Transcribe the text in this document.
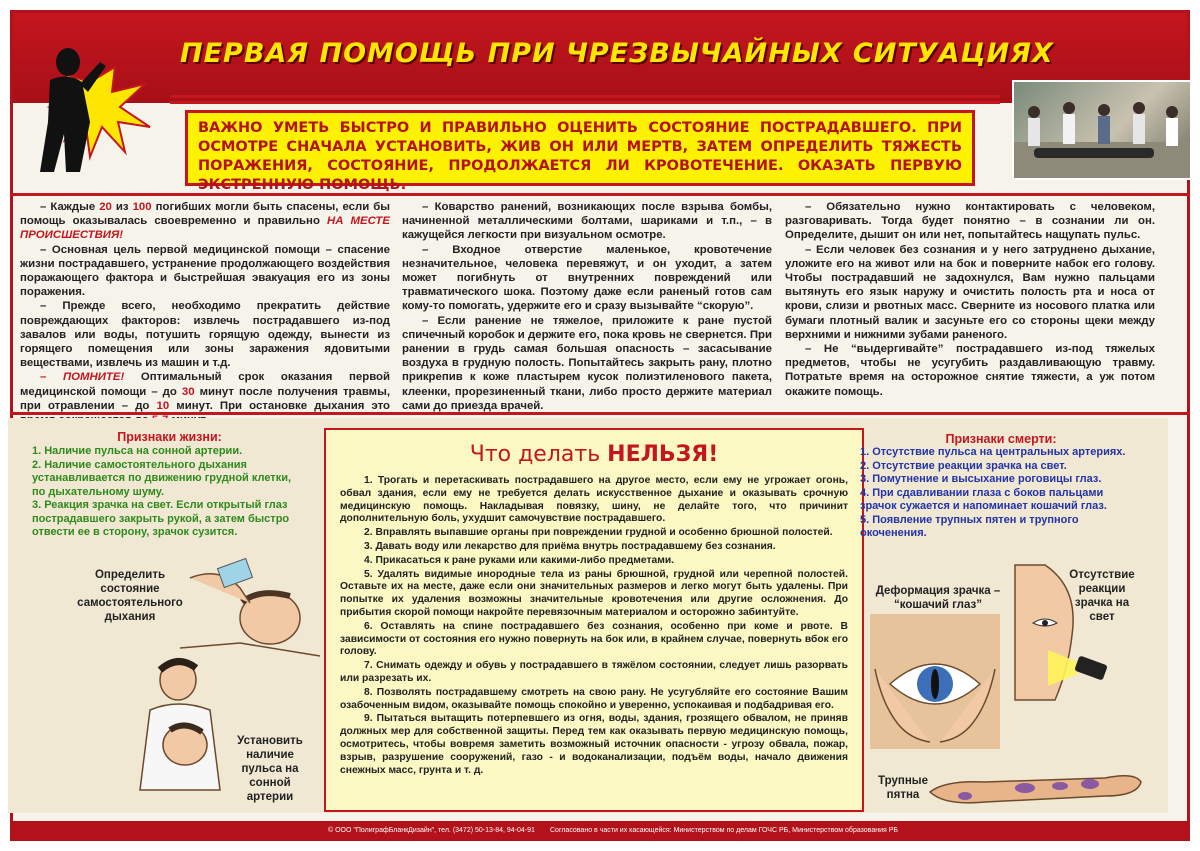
ПЕРВАЯ ПОМОЩЬ ПРИ ЧРЕЗВЫЧАЙНЫХ СИТУАЦИЯХ
ВАЖНО УМЕТЬ БЫСТРО И ПРАВИЛЬНО ОЦЕНИТЬ СОСТОЯНИЕ ПОСТРАДАВШЕГО. ПРИ ОСМОТРЕ СНАЧАЛА УСТАНОВИТЬ, ЖИВ ОН ИЛИ МЕРТВ, ЗАТЕМ ОПРЕДЕЛИТЬ ТЯЖЕСТЬ ПОРАЖЕНИЯ, СОСТОЯНИЕ, ПРОДОЛЖАЕТСЯ ЛИ КРОВОТЕЧЕНИЕ. ОКАЗАТЬ ПЕРВУЮ ЭКСТРЕННУЮ ПОМОЩЬ.

– Каждые 20 из 100 погибших могли быть спасены, если бы помощь оказывалась своевременно и правильно НА МЕСТЕ ПРОИСШЕСТВИЯ!

– Основная цель первой медицинской помощи – спасение жизни пострадавшего, устранение продолжающего воздействия поражающего фактора и быстрейшая эвакуация его из зоны поражения.

– Прежде всего, необходимо прекратить действие повреждающих факторов: извлечь пострадавшего из-под завалов или воды, потушить горящую одежду, вынести из горящего помещения или зоны заражения ядовитыми веществами, извлечь из машин и т.д.

– ПОМНИТЕ! Оптимальный срок оказания первой медицинской помощи – до 30 минут после получения травмы, при отравлении – до 10 минут. При остановке дыхания это

– Коварство ранений, возникающих после взрыва бомбы, начиненной металлическими болтами, шариками и т.п., – в кажущейся легкости при визуальном осмотре.

– Входное отверстие маленькое, кровотечение незначительное, человека перевяжут, и он уходит, а затем может погибнуть от внутренних повреждений или травматического шока. Поэтому даже если раненый готов сам кому-то помогать, удержите его и сразу вызывайте “скорую”.

– Если ранение не тяжелое, приложите к ране пустой спичечный коробок и держите его, пока кровь не свернется. При ранении в грудь самая большая опасность – засасывание воздуха в грудную полость. Попытайтесь закрыть рану, плотно прикрепив к коже пластырем кусок полиэтиленового пакета, клеенки, прорезиненный ткани, либо просто держите материал сами до приезда врачей.

– Обязательно нужно контактировать с человеком, разговаривать. Тогда будет понятно – в сознании ли он. Определите, дышит он или нет, попытайтесь нащупать пульс.

– Если человек без сознания и у него затруднено дыхание, уложите его на живот или на бок и поверните набок его голову. Чтобы пострадавший не задохнулся, Вам нужно пальцами вытянуть его язык наружу и очистить полость рта и носа от крови, слизи и рвотных масс. Сверните из носового платка или бумаги плотный валик и засуньте его со стороны щеки между верхними и нижними зубами раненого.

– Не “выдергивайте” пострадавшего из-под тяжелых предметов, чтобы не усугубить раздавливающую травму. Потратьте время на осторожное снятие тяжести, а уж потом окажите помощь.

Признаки жизни:
1. Наличие пульса на сонной артерии.
2. Наличие самостоятельного дыхания устанавливается по движению грудной клетки, по дыхательному шуму.
3. Реакция зрачка на свет. Если открытый глаз пострадавшего закрыть рукой, а затем быстро отвести ее в сторону, зрачок сузится.
Определить состояние самостоятельного дыхания
Установить наличие пульса на сонной артерии
Что делать НЕЛЬЗЯ!
1. Трогать и перетаскивать пострадавшего на другое место, если ему не угрожает огонь, обвал здания, если ему не требуется делать искусственное дыхание и оказывать срочную медицинскую помощь. Накладывая повязку, шину, не делайте того, что причинит дополнительную боль, ухудшит самочувствие пострадавшего.
2. Вправлять выпавшие органы при повреждении грудной и особенно брюшной полостей.
3. Давать воду или лекарство для приёма внутрь пострадавшему без сознания.
4. Прикасаться к ране руками или какими-либо предметами.
5. Удалять видимые инородные тела из раны брюшной, грудной или черепной полостей. Оставьте их на месте, даже если они значительных размеров и легко могут быть удалены. При попытке их удаления возможны значительные кровотечения или другие осложнения. До прибытия скорой помощи накройте перевязочным материалом и осторожно забинтуйте.
6. Оставлять на спине пострадавшего без сознания, особенно при коме и рвоте. В зависимости от состояния его нужно повернуть на бок или, в крайнем случае, повернуть вбок его голову.
7. Снимать одежду и обувь у пострадавшего в тяжёлом состоянии, следует лишь разорвать или разрезать их.
8. Позволять пострадавшему смотреть на свою рану. Не усугубляйте его состояние Вашим озабоченным видом, оказывайте помощь спокойно и уверенно, успокаивая и подбадривая его.
9. Пытаться вытащить потерпевшего из огня, воды, здания, грозящего обвалом, не приняв должных мер для собственной защиты. Перед тем как оказывать первую медицинскую помощь, осмотритесь, чтобы вовремя заметить возможный источник опасности - угрозу обвала, пожар, взрыв, разрушение сооружений, газо - и водоканализации, подъём воды, начало движения снежных масс, грунта и т. д.
Признаки смерти:
1. Отсутствие пульса на центральных артериях.
2. Отсутствие реакции зрачка на свет.
3. Помутнение и высыхание роговицы глаз.
4. При сдавливании глаза с боков пальцами зрачок сужается и напоминает кошачий глаз.
5. Появление трупных пятен и трупного окоченения.
Деформация зрачка –
“кошачий глаз”
Отсутствие реакции зрачка на свет
Трупные пятна
© ООО "ПолиграфБланкДизайн", тел. (3472) 50-13-84, 94-04-91 Согласовано в части их касающейся: Министерством по делам ГОЧС РБ, Министерством образования РБ
